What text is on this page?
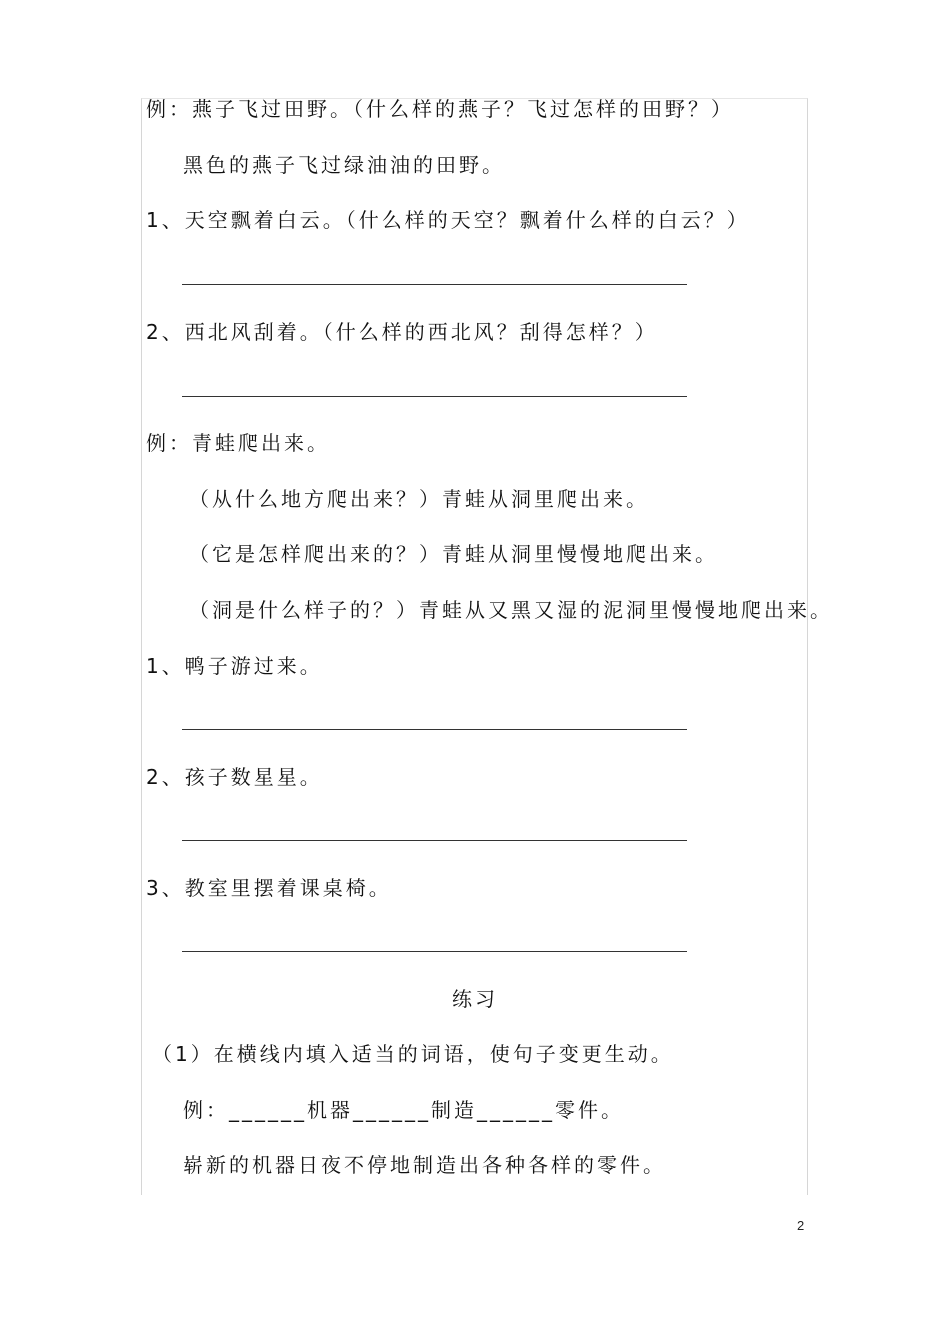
例：燕子飞过田野。（什么样的燕子？飞过怎样的田野？）
黑色的燕子飞过绿油油的田野。
1、天空飘着白云。（什么样的天空？飘着什么样的白云？）
2、西北风刮着。（什么样的西北风？刮得怎样？）
例：青蛙爬出来。
（从什么地方爬出来？）青蛙从洞里爬出来。
（它是怎样爬出来的？）青蛙从洞里慢慢地爬出来。
（洞是什么样子的？）青蛙从又黑又湿的泥洞里慢慢地爬出来。
1、鸭子游过来。
2、孩子数星星。
3、教室里摆着课桌椅。
练习
（1）在横线内填入适当的词语，使句子变更生动。
例：______机器______制造______零件。
崭新的机器日夜不停地制造出各种各样的零件。
2
